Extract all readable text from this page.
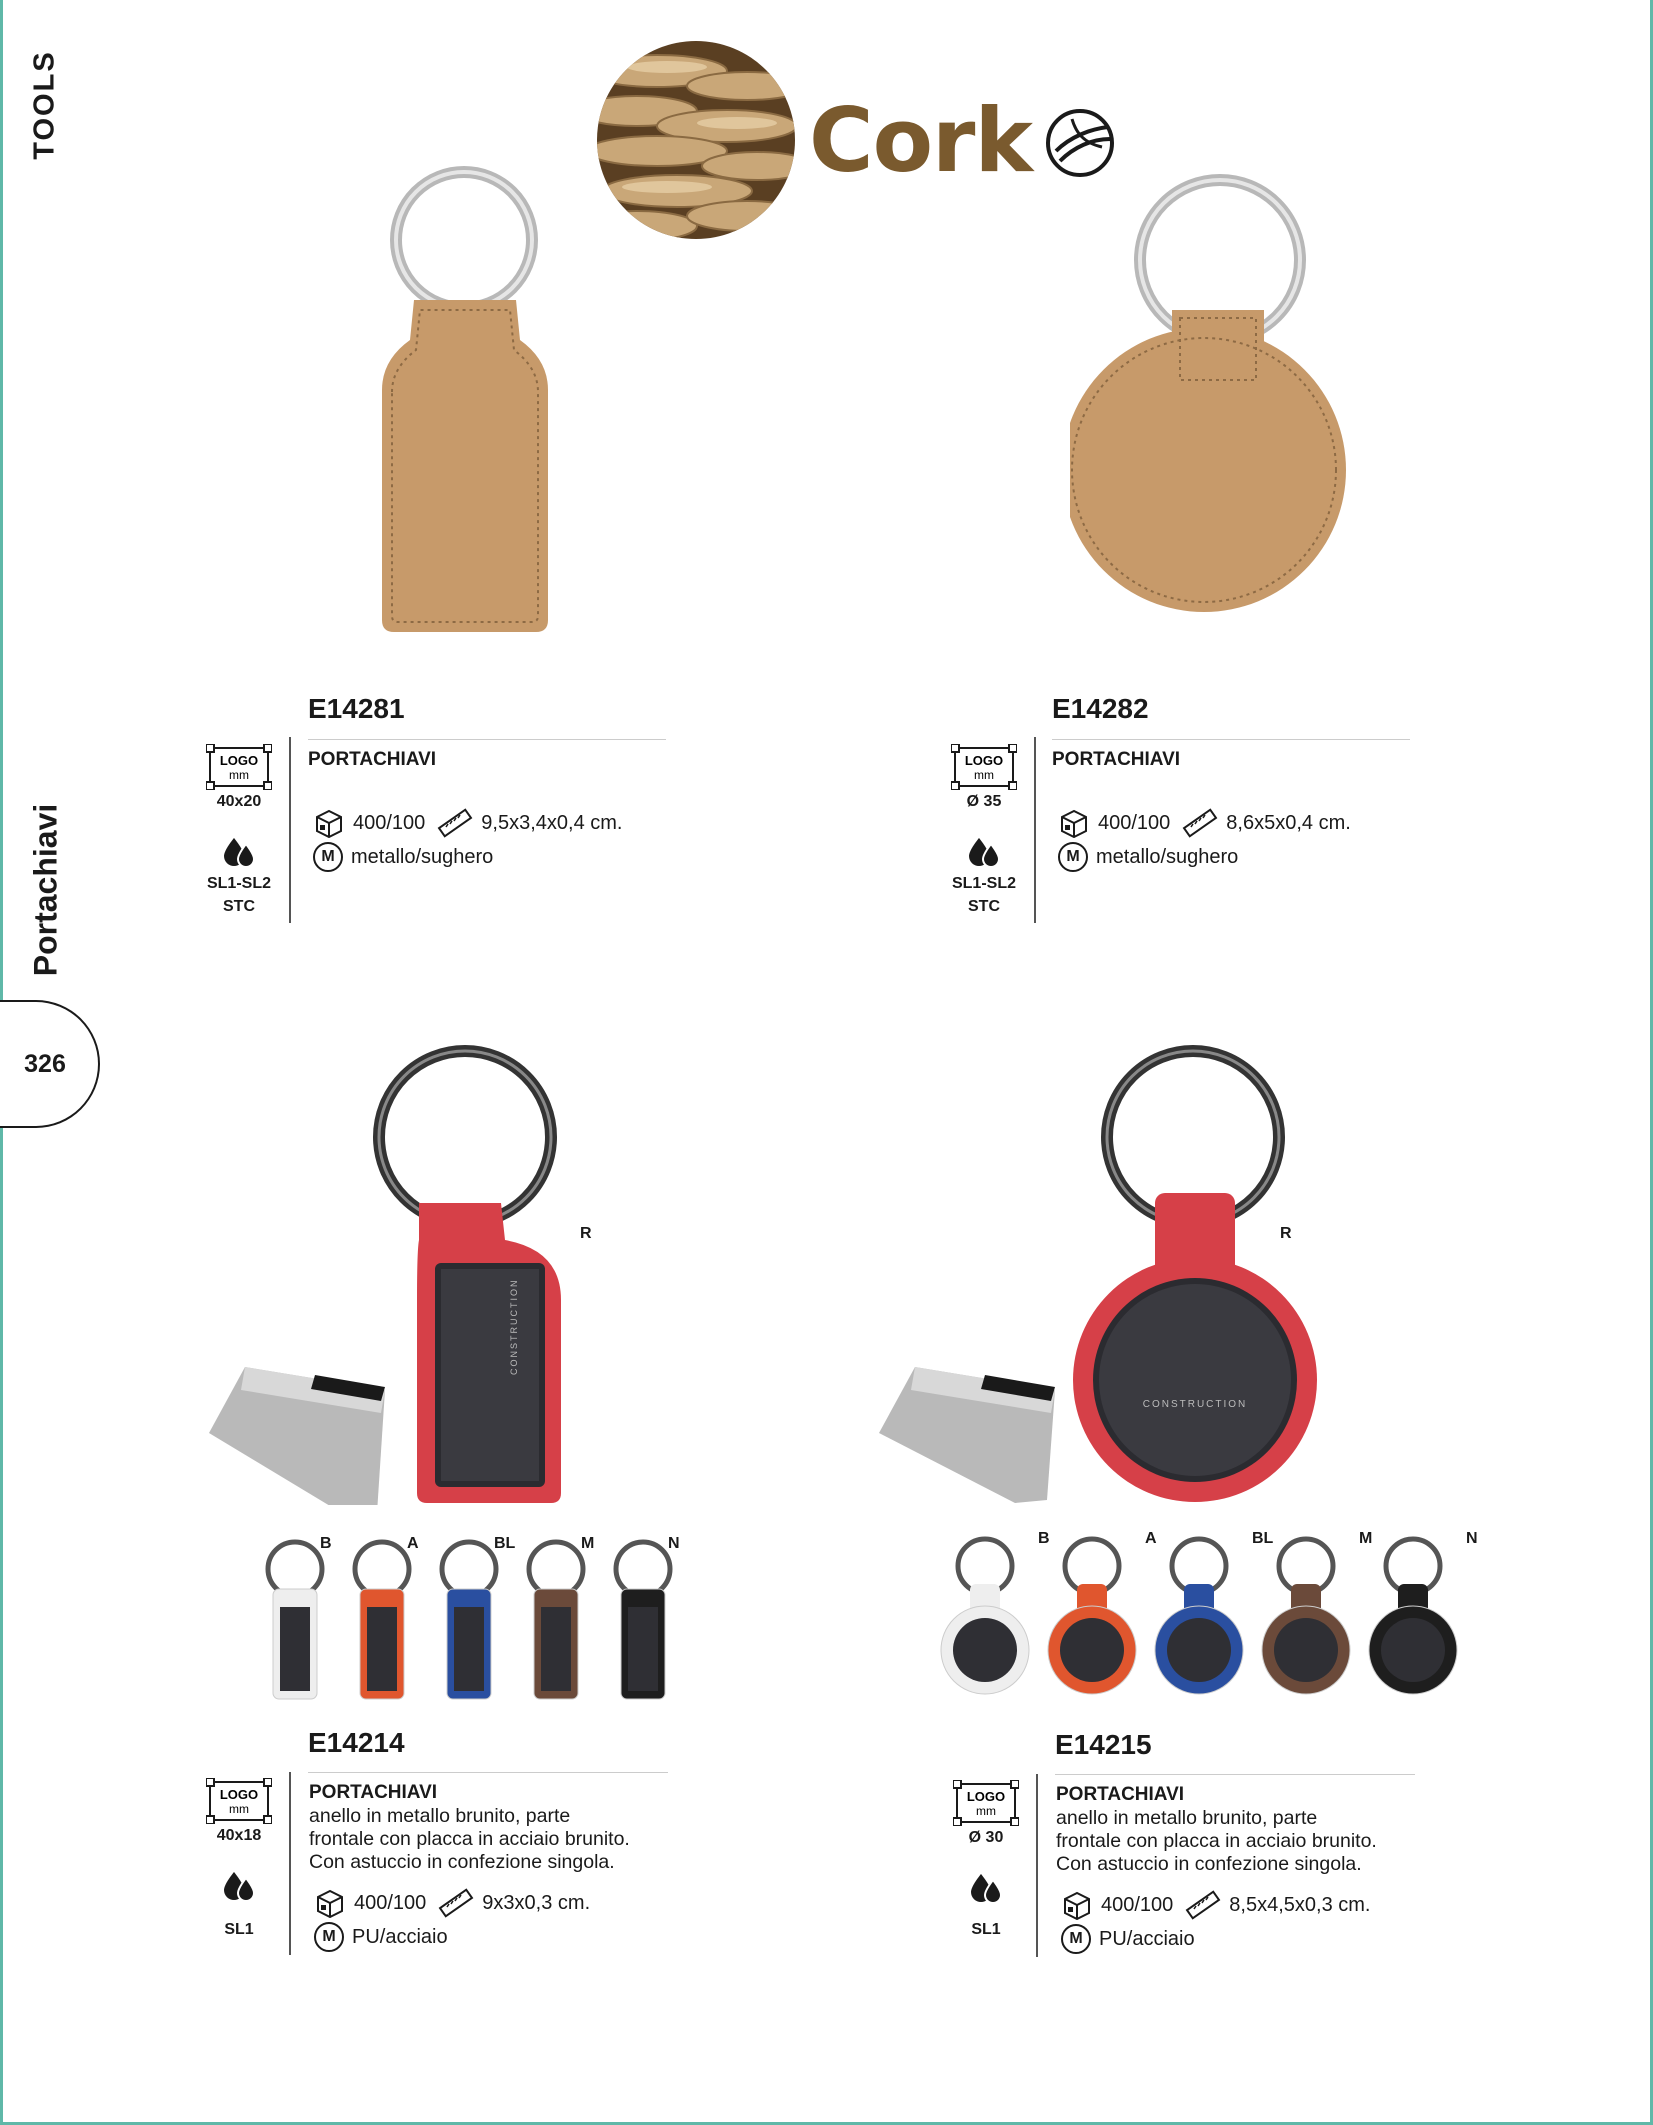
TOOLS
Portachiavi
326
Cork
E14281
LOGO
mm
40x20
SL1-SL2
STC
PORTACHIAVI
400/100	9,5x3,4x0,4 cm.
M metallo/sughero
E14282
LOGO
mm
Ø 35
SL1-SL2
STC
PORTACHIAVI
400/100	8,6x5x0,4 cm.
M metallo/sughero
CONSTRUCTION
R
B	A	BL	M	N
E14214
LOGO
mm
40x18
SL1
PORTACHIAVI
anello in metallo brunito, parte
frontale con placca in acciaio brunito.
Con astuccio in confezione singola.
400/100	9x3x0,3 cm.
M PU/acciaio
CONSTRUCTION
R
B	A	BL	M	N
E14215
LOGO
mm
Ø 30
SL1
PORTACHIAVI
anello in metallo brunito, parte
frontale con placca in acciaio brunito.
Con astuccio in confezione singola.
400/100	8,5x4,5x0,3 cm.
M PU/acciaio
